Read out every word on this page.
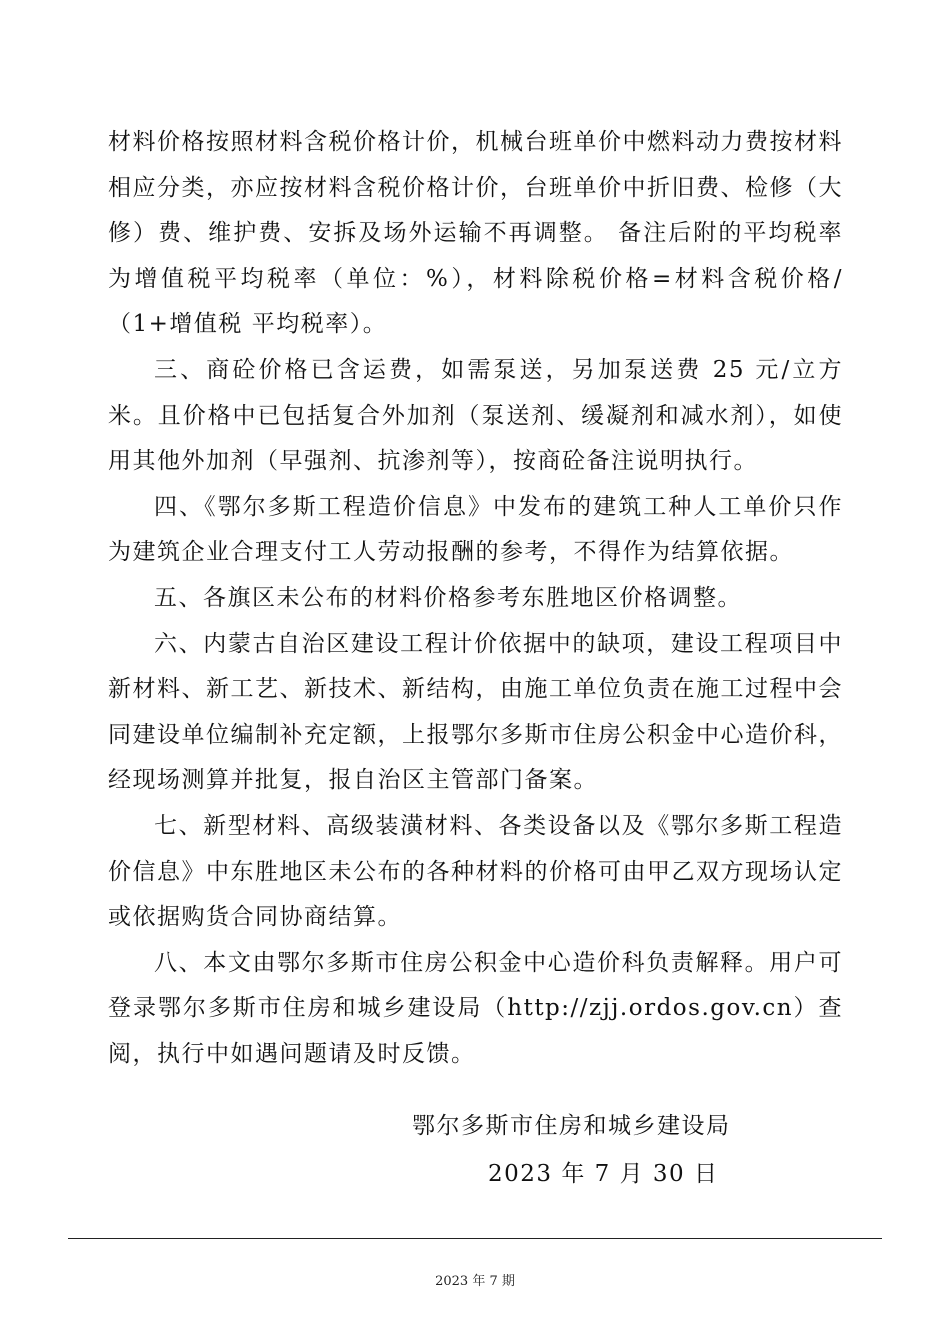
材料价格按照材料含税价格计价，机械台班单价中燃料动力费按材料相应分类，亦应按材料含税价格计价，台班单价中折旧费、检修（大修）费、维护费、安拆及场外运输不再调整。 备注后附的平均税率为增值税平均税率（单位：%），材料除税价格=材料含税价格/（1+增值税 平均税率）。

三、商砼价格已含运费，如需泵送，另加泵送费 25 元/立方米。且价格中已包括复合外加剂（泵送剂、缓凝剂和减水剂），如使用其他外加剂（早强剂、抗渗剂等），按商砼备注说明执行。

四、《鄂尔多斯工程造价信息》中发布的建筑工种人工单价只作为建筑企业合理支付工人劳动报酬的参考，不得作为结算依据。

五、各旗区未公布的材料价格参考东胜地区价格调整。

六、内蒙古自治区建设工程计价依据中的缺项，建设工程项目中新材料、新工艺、新技术、新结构，由施工单位负责在施工过程中会同建设单位编制补充定额，上报鄂尔多斯市住房公积金中心造价科，经现场测算并批复，报自治区主管部门备案。

七、新型材料、高级装潢材料、各类设备以及《鄂尔多斯工程造价信息》中东胜地区未公布的各种材料的价格可由甲乙双方现场认定或依据购货合同协商结算。

八、本文由鄂尔多斯市住房公积金中心造价科负责解释。用户可登录鄂尔多斯市住房和城乡建设局（http://zjj.ordos.gov.cn）查阅，执行中如遇问题请及时反馈。

鄂尔多斯市住房和城乡建设局
2023 年 7 月 30 日
2023 年 7 期
